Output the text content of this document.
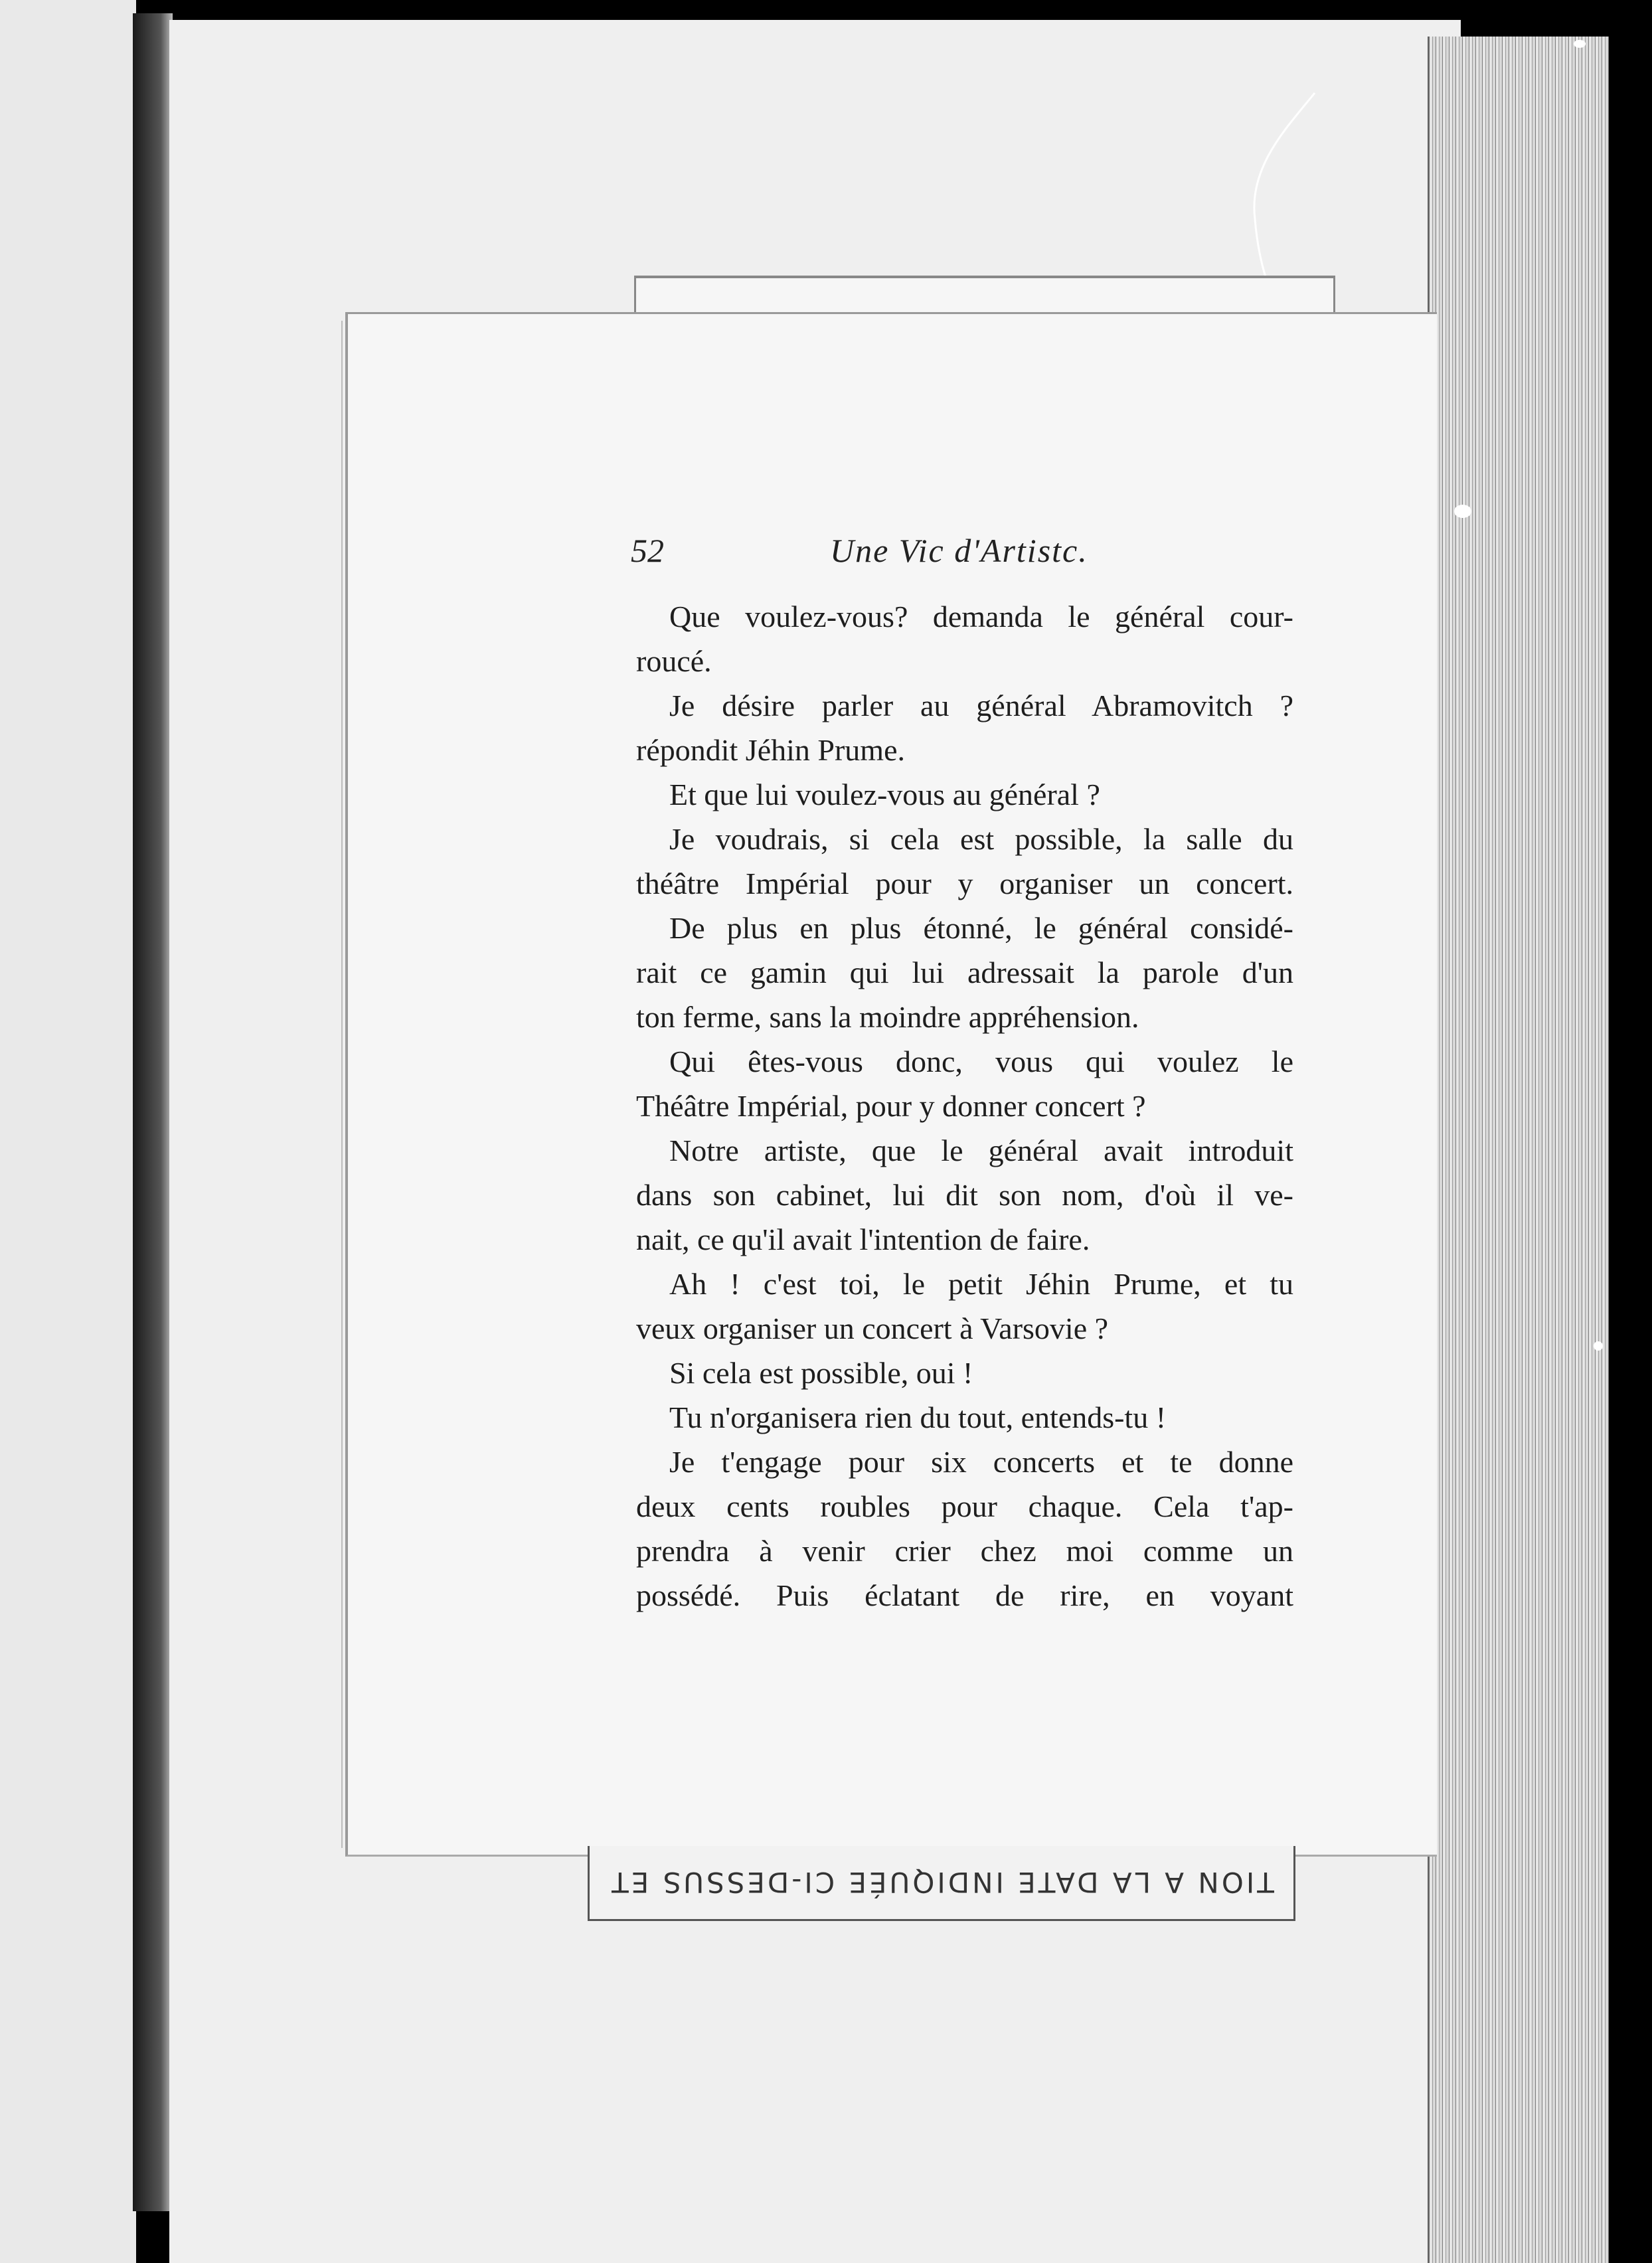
TION A LA DATE INDIQUÉE CI-DESSUS ET
52	Une Vic d'Artistc.
Que voulez-vous? demanda le général cour-
roucé.
Je désire parler au général Abramovitch ?
répondit Jéhin Prume.
Et que lui voulez-vous au général ?
Je voudrais, si cela est possible, la salle du
théâtre Impérial pour y organiser un concert.
De plus en plus étonné, le général considé-
rait ce gamin qui lui adressait la parole d'un
ton ferme, sans la moindre appréhension.
Qui êtes-vous donc, vous qui voulez le
Théâtre Impérial, pour y donner concert ?
Notre artiste, que le général avait introduit
dans son cabinet, lui dit son nom, d'où il ve-
nait, ce qu'il avait l'intention de faire.
Ah ! c'est toi, le petit Jéhin Prume, et tu
veux organiser un concert à Varsovie ?
Si cela est possible, oui !
Tu n'organisera rien du tout, entends-tu !
Je t'engage pour six concerts et te donne
deux cents roubles pour chaque. Cela t'ap-
prendra à venir crier chez moi comme un
possédé. Puis éclatant de rire, en voyant
